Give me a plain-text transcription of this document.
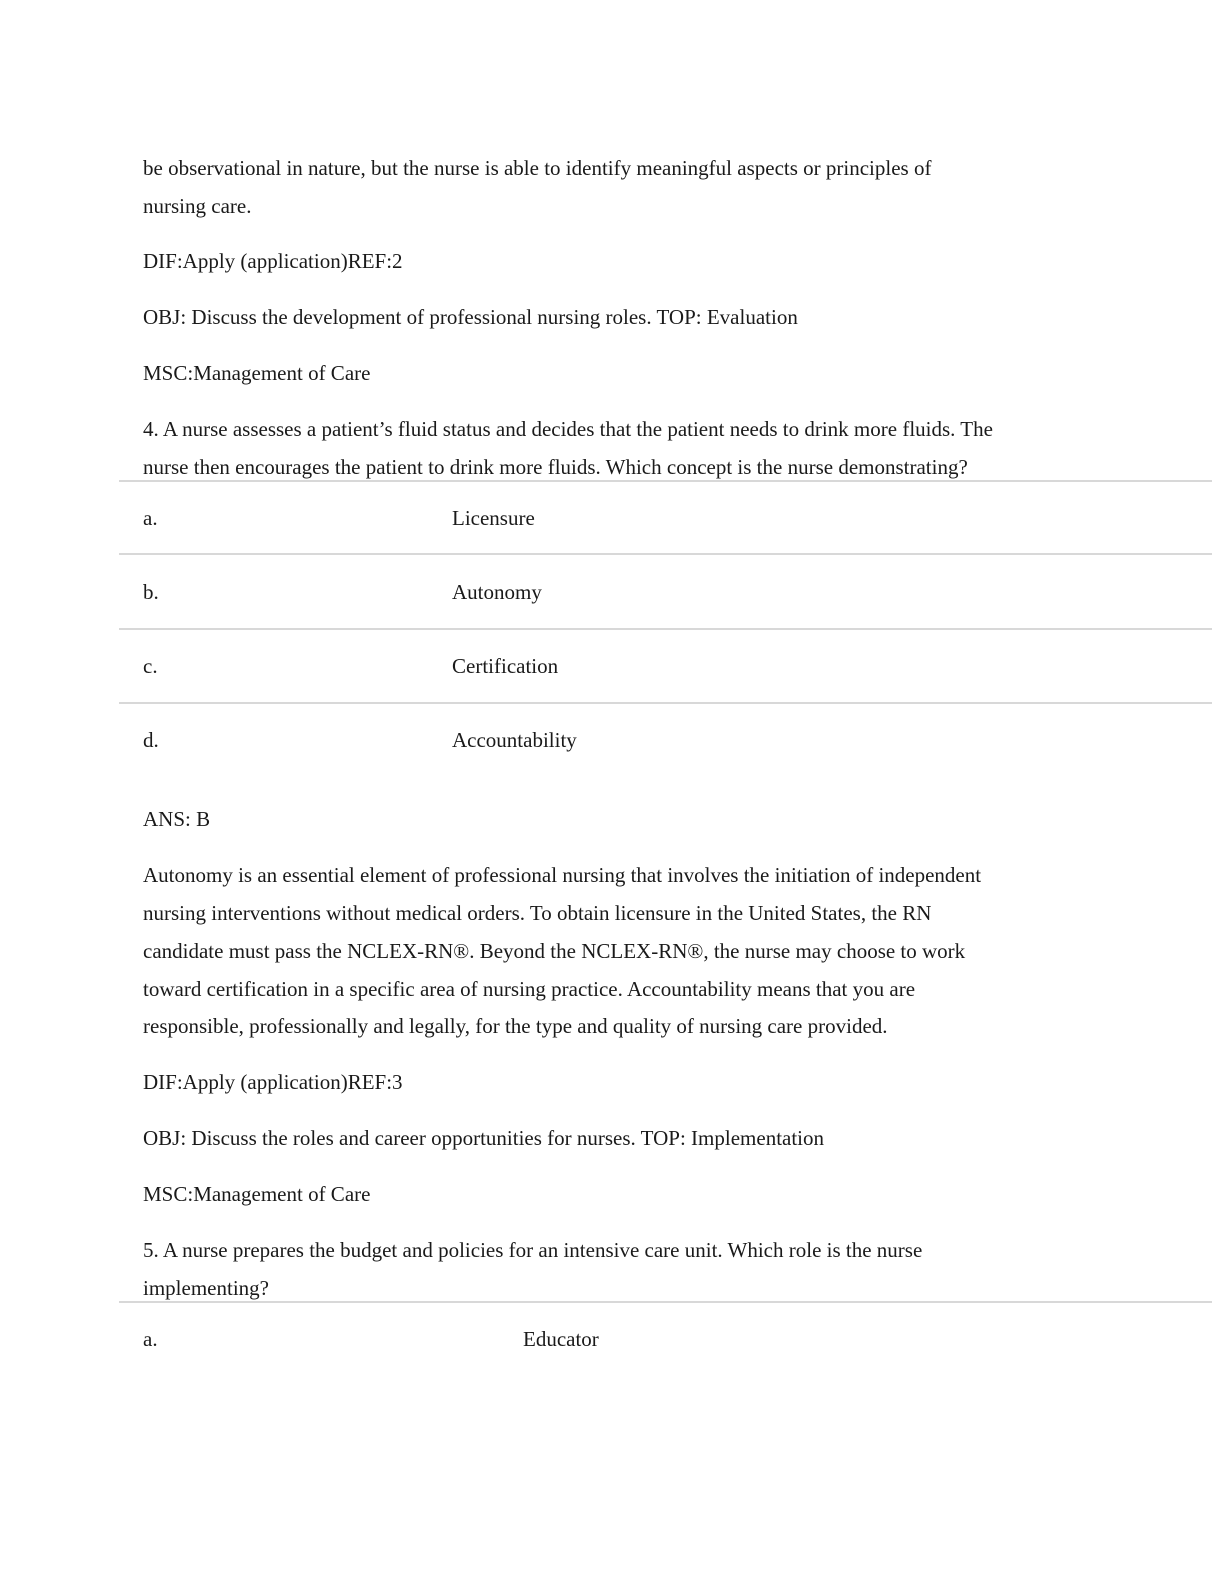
be observational in nature, but the nurse is able to identify meaningful aspects or principles of
nursing care.
DIF:Apply (application)REF:2
OBJ: Discuss the development of professional nursing roles. TOP: Evaluation
MSC:Management of Care
4. A nurse assesses a patient’s fluid status and decides that the patient needs to drink more fluids. The
nurse then encourages the patient to drink more fluids. Which concept is the nurse demonstrating?
a.	Licensure
b.	Autonomy
c.	Certification
d.	Accountability
ANS: B
Autonomy is an essential element of professional nursing that involves the initiation of independent
nursing interventions without medical orders. To obtain licensure in the United States, the RN
candidate must pass the NCLEX-RN®. Beyond the NCLEX-RN®, the nurse may choose to work
toward certification in a specific area of nursing practice. Accountability means that you are
responsible, professionally and legally, for the type and quality of nursing care provided.
DIF:Apply (application)REF:3
OBJ: Discuss the roles and career opportunities for nurses. TOP: Implementation
MSC:Management of Care
5. A nurse prepares the budget and policies for an intensive care unit. Which role is the nurse
implementing?
a.	Educator
